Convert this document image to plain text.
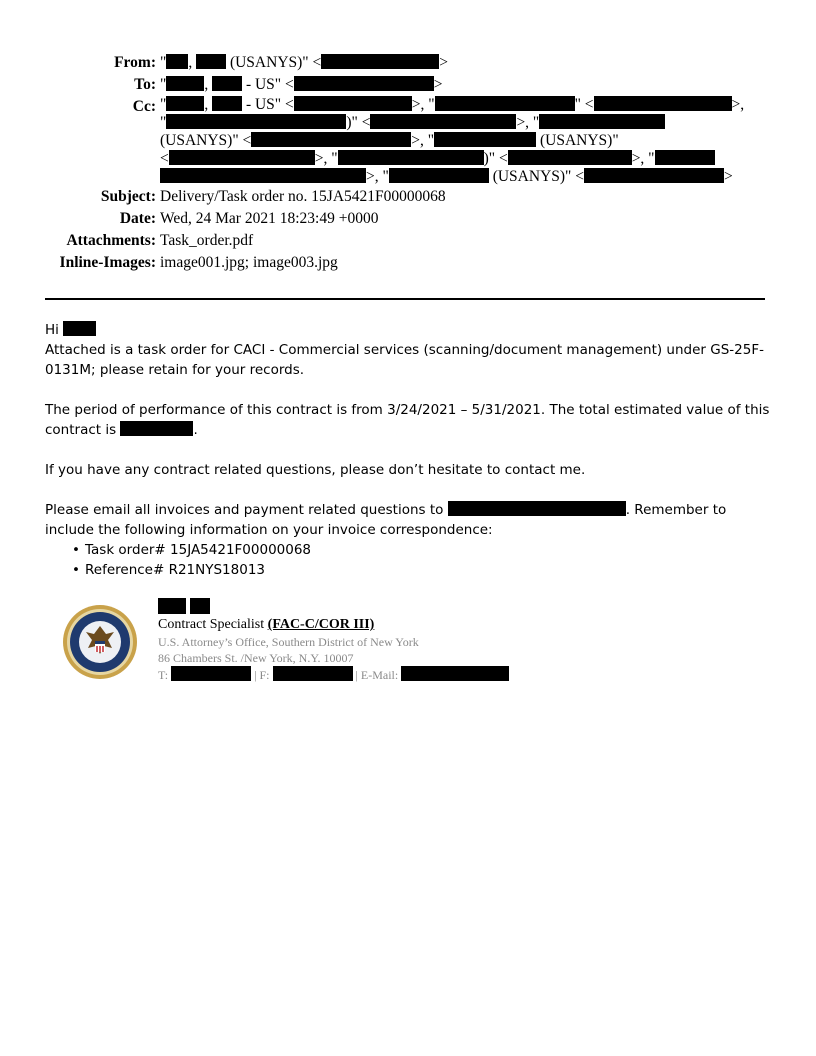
From: " , (USANYS)" <	>
To: " , - US" <	>
Cc: " , - US" <	>, "	" <	>,
"	)" <	>, "
(USANYS)" <	>, "	(USANYS)"
<	>, "	)" <	>, "
>, "	(USANYS)" <	>
Subject: Delivery/Task order no. 15JA5421F00000068
Date: Wed, 24 Mar 2021 18:23:49 +0000
Attachments: Task_order.pdf
Inline-Images: image001.jpg; image003.jpg

Hi

Attached is a task order for CACI - Commercial services (scanning/document management) under GS-25F-0131M; please retain for your records.

The period of performance of this contract is from 3/24/2021 – 5/31/2021. The total estimated value of this contract is	.

If you have any contract related questions, please don’t hesitate to contact me.

Please email all invoices and payment related questions to	. Remember to include the following information on your invoice correspondence:

• Task order# 15JA5421F00000068
• Reference# R21NYS18013

Contract Specialist (FAC-C/COR III)
U.S. Attorney’s Office, Southern District of New York
86 Chambers St. /New York, N.Y. 10007
T:	| F:	| E-Mail:
